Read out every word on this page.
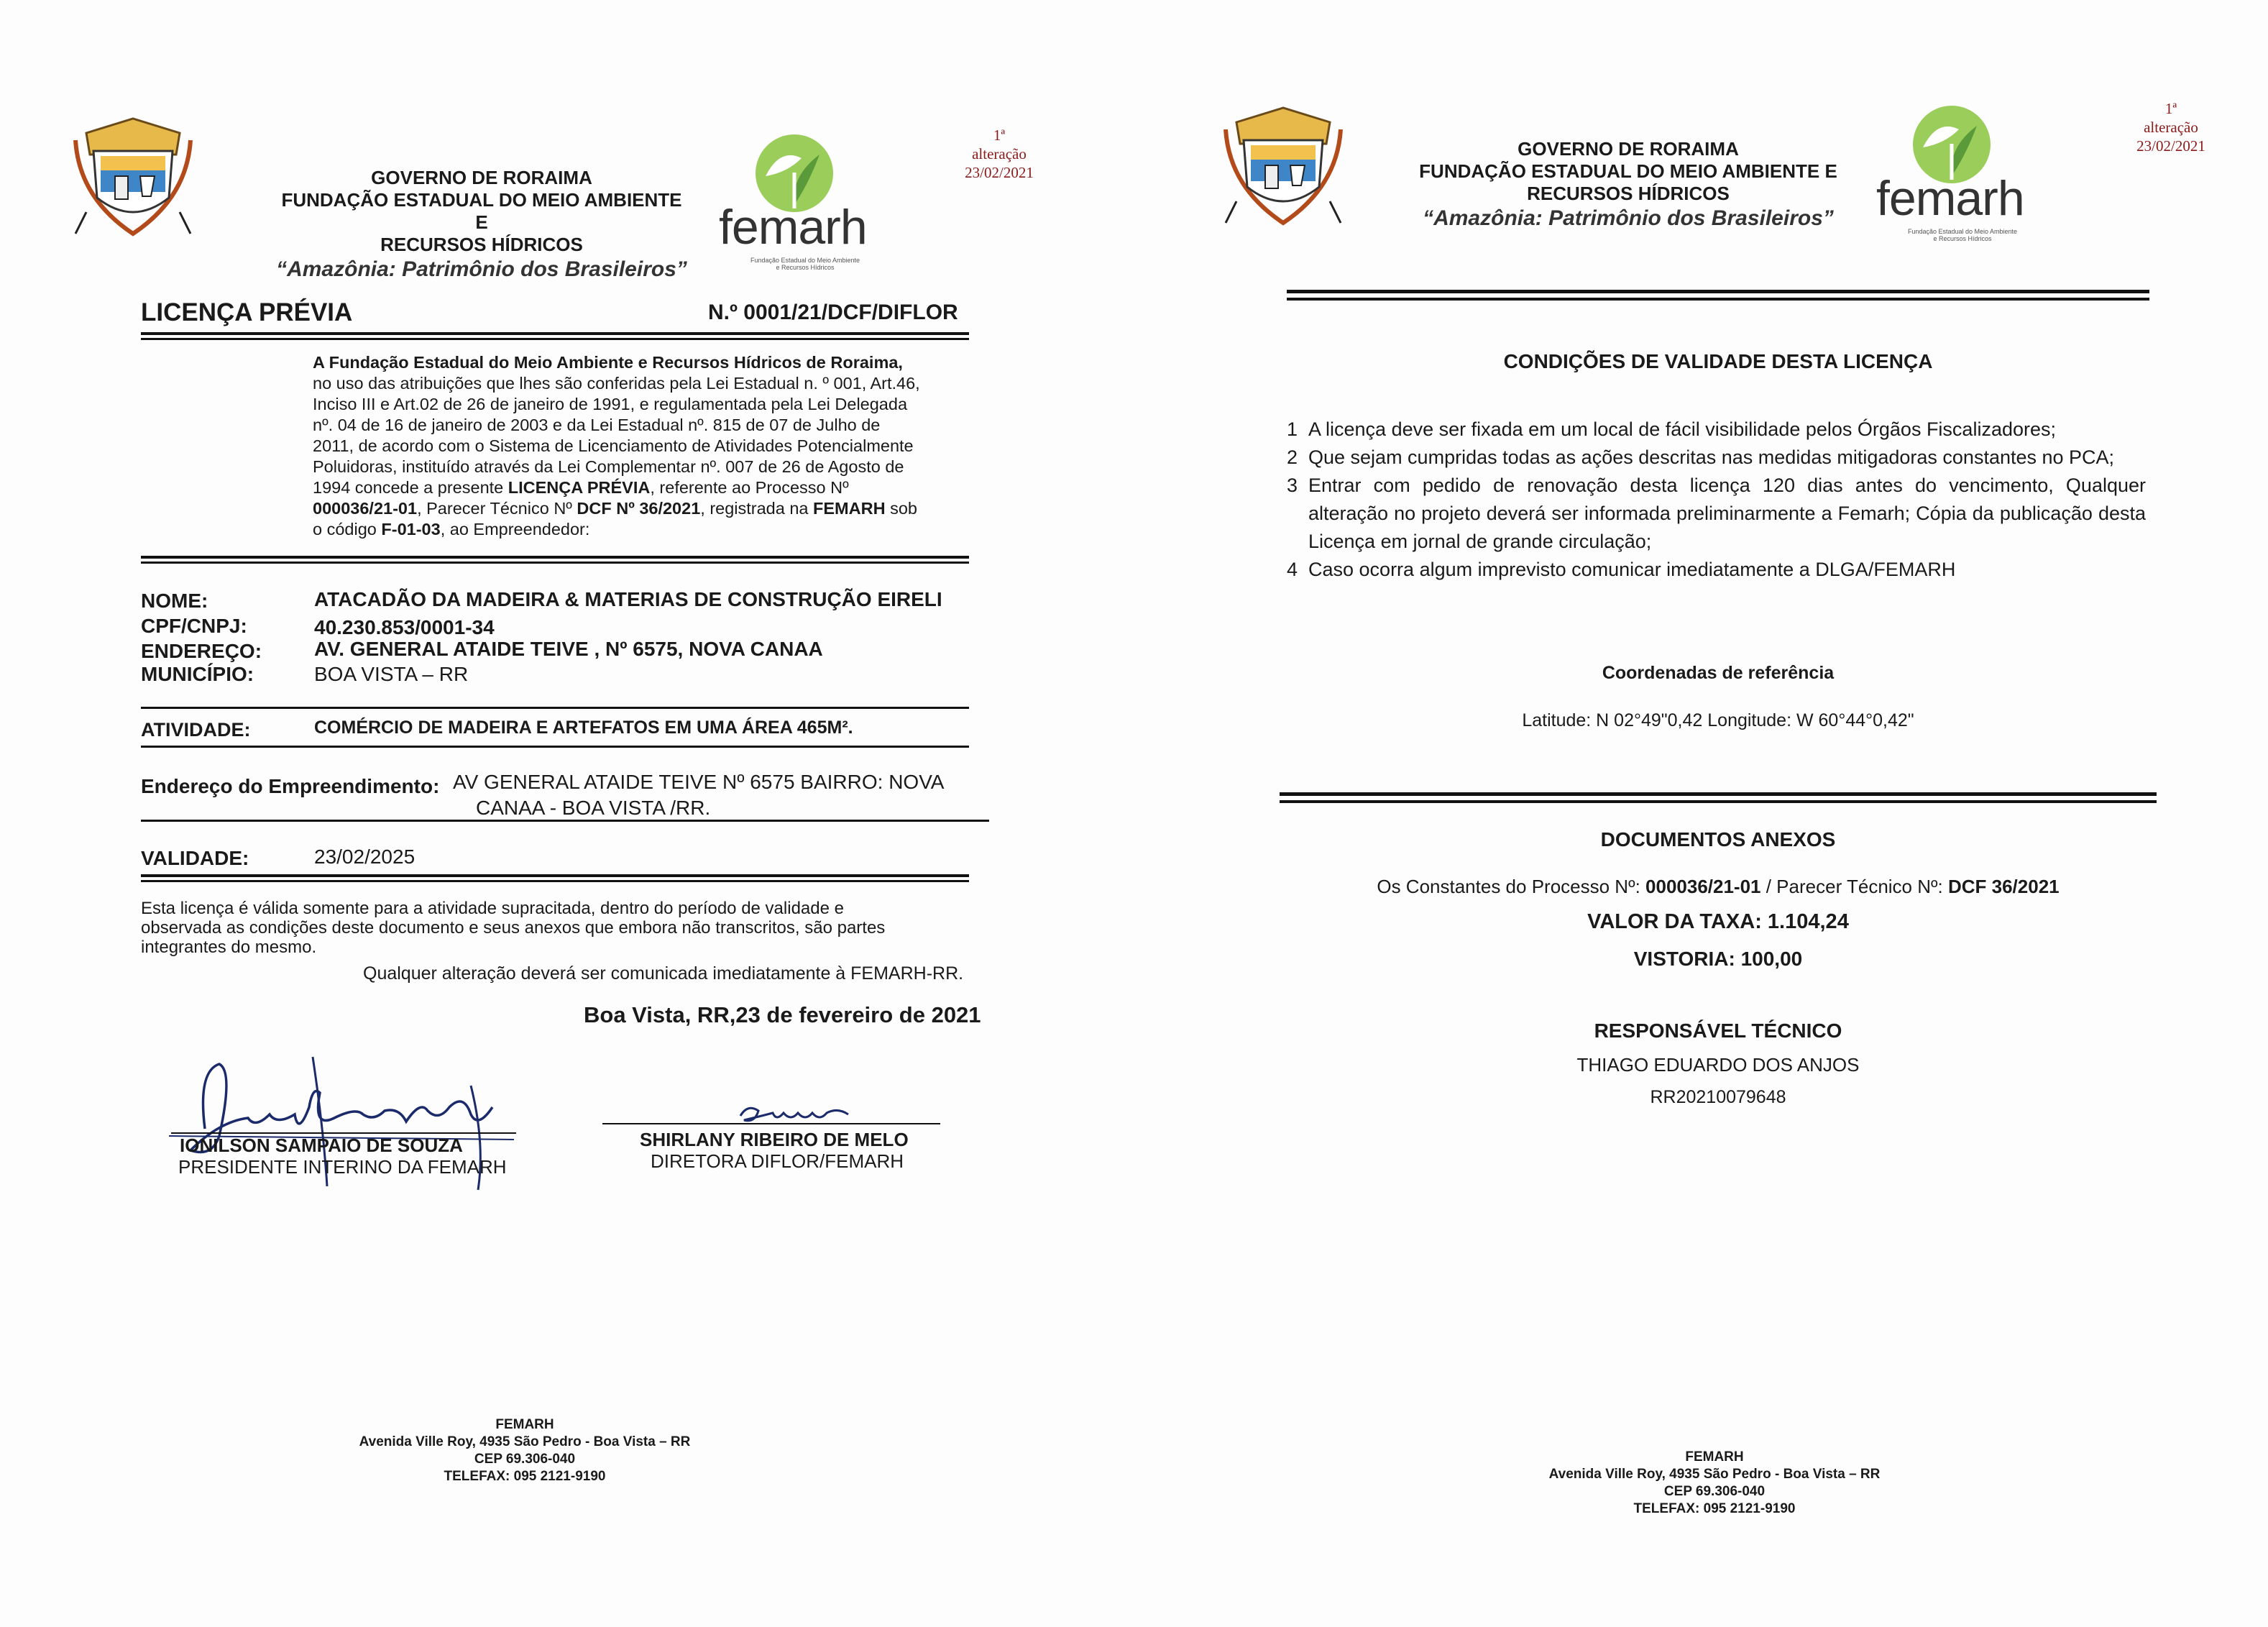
GOVERNO DE RORAIMA
FUNDAÇÃO ESTADUAL DO MEIO AMBIENTE E
RECURSOS HÍDRICOS
“Amazônia: Patrimônio dos Brasileiros”
femarh
Fundação Estadual do Meio Ambiente
e Recursos Hídricos
1ª
alteração
23/02/2021
LICENÇA PRÉVIA	N.º 0001/21/DCF/DIFLOR
A Fundação Estadual do Meio Ambiente e Recursos Hídricos de Roraima,
no uso das atribuições que lhes são conferidas pela Lei Estadual n. º 001, Art.46,
Inciso III e Art.02 de 26 de janeiro de 1991, e regulamentada pela Lei Delegada
nº. 04 de 16 de janeiro de 2003 e da Lei Estadual nº. 815 de 07 de Julho de
2011, de acordo com o Sistema de Licenciamento de Atividades Potencialmente
Poluidoras, instituído através da Lei Complementar nº. 007 de 26 de Agosto de
1994 concede a presente LICENÇA PRÉVIA, referente ao Processo Nº
000036/21-01, Parecer Técnico Nº DCF Nº 36/2021, registrada na FEMARH sob
o código F-01-03, ao Empreendedor:
NOME:	ATACADÃO DA MADEIRA & MATERIAS DE CONSTRUÇÃO EIRELI
CPF/CNPJ:	40.230.853/0001-34
ENDEREÇO:	AV. GENERAL ATAIDE TEIVE , Nº 6575, NOVA CANAA
MUNICÍPIO:	BOA VISTA – RR
ATIVIDADE:	COMÉRCIO DE MADEIRA E ARTEFATOS EM UMA ÁREA 465M².
Endereço do Empreendimento: AV GENERAL ATAIDE TEIVE Nº 6575 BAIRRO: NOVA
CANAA - BOA VISTA /RR.
VALIDADE:	23/02/2025
Esta licença é válida somente para a atividade supracitada, dentro do período de validade e
observada as condições deste documento e seus anexos que embora não transcritos, são partes
integrantes do mesmo.
Qualquer alteração deverá ser comunicada imediatamente à FEMARH-RR.
Boa Vista, RR,23 de fevereiro de 2021
IONILSON SAMPAIO DE SOUZA
PRESIDENTE INTERINO DA FEMARH
SHIRLANY RIBEIRO DE MELO
DIRETORA DIFLOR/FEMARH
FEMARH
Avenida Ville Roy, 4935 São Pedro - Boa Vista – RR
CEP 69.306-040
TELEFAX: 095 2121-9190
GOVERNO DE RORAIMA
FUNDAÇÃO ESTADUAL DO MEIO AMBIENTE E
RECURSOS HÍDRICOS
“Amazônia: Patrimônio dos Brasileiros” femarh
Fundação Estadual do Meio Ambiente
e Recursos Hídricos
1ª
alteração
23/02/2021
CONDIÇÕES DE VALIDADE DESTA LICENÇA
1 A licença deve ser fixada em um local de fácil visibilidade pelos Órgãos Fiscalizadores;
2 Que sejam cumpridas todas as ações descritas nas medidas mitigadoras constantes no PCA;
3 Entrar com pedido de renovação desta licença 120 dias antes do vencimento, Qualquer alteração no projeto deverá ser informada preliminarmente a Femarh; Cópia da publicação desta Licença em jornal de grande circulação;
4 Caso ocorra algum imprevisto comunicar imediatamente a DLGA/FEMARH
Coordenadas de referência
Latitude: N 02°49"0,42 Longitude: W 60°44°0,42"
DOCUMENTOS ANEXOS
Os Constantes do Processo Nº: 000036/21-01 / Parecer Técnico Nº: DCF 36/2021
VALOR DA TAXA: 1.104,24
VISTORIA: 100,00
RESPONSÁVEL TÉCNICO
THIAGO EDUARDO DOS ANJOS
RR20210079648
FEMARH
Avenida Ville Roy, 4935 São Pedro - Boa Vista – RR
CEP 69.306-040
TELEFAX: 095 2121-9190
